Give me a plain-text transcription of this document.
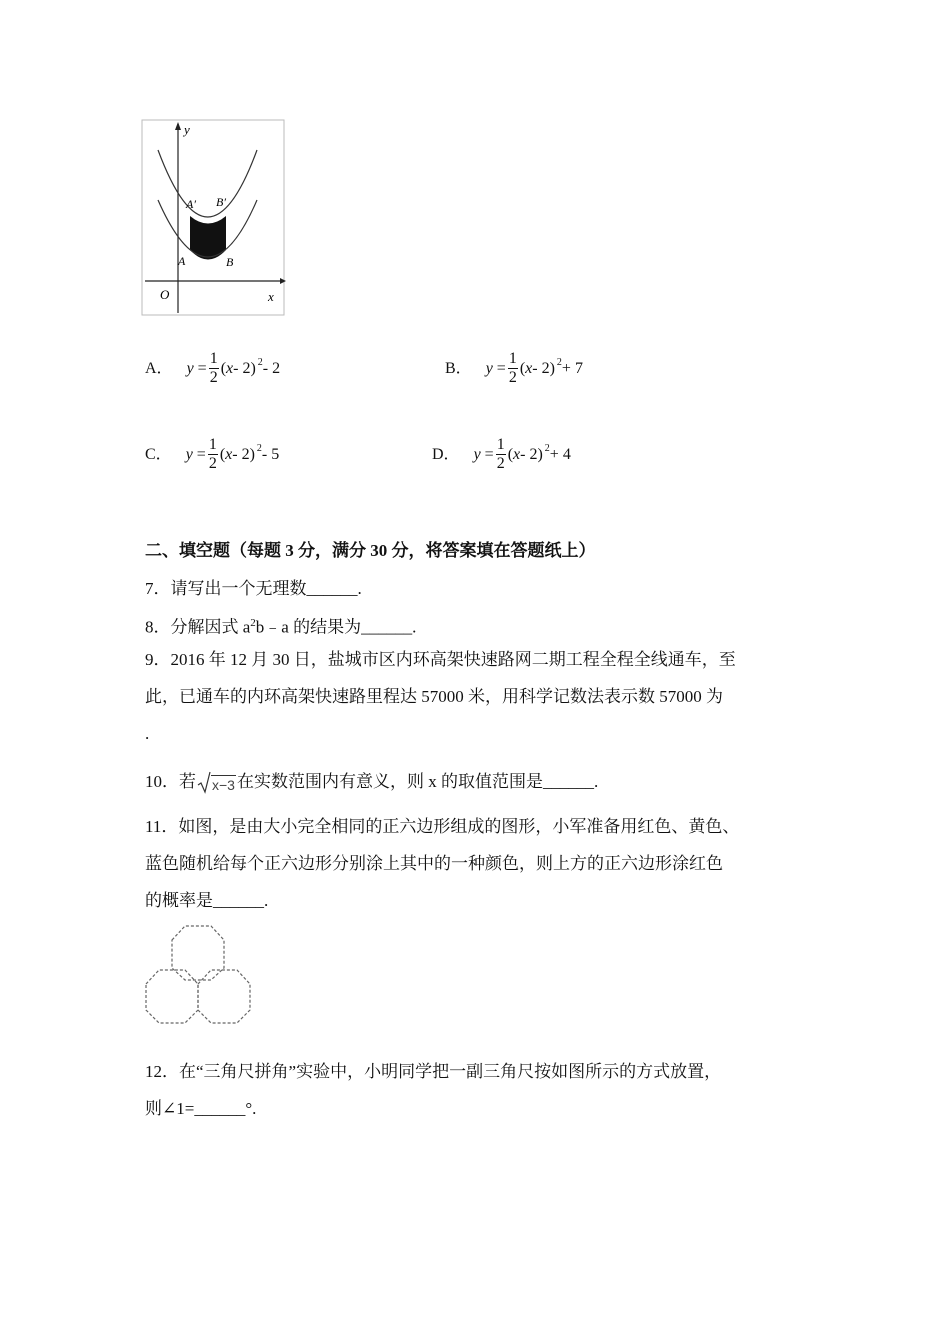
y
x
O
A′ B′
A	B
A． y
= $\frac{1}{2}$ ( x - 2) 2 - 2	B． y
= $\frac{1}{2}$ ( x - 2) 2 + 7
C． y
= $\frac{1}{2}$ ( x - 2) 2 - 5	D． y
= $\frac{1}{2}$ ( x - 2) 2 + 4
二、填空题（每题 3 分，满分 30 分，将答案填在答题纸上）
7．请写出一个无理数______.
8．分解因式 $a^2b﹣a$ 的结果为______.
9．2016 年 12 月 30 日，盐城市区内环高架快速路网二期工程全程全线通车，至
此，已通车的内环高架快速路里程达 57000 米，用科学记数法表示数 57000 为
.
10．若 x−3 在实数范围内有意义，则 x 的取值范围是______.
11．如图，是由大小完全相同的正六边形组成的图形，小军准备用红色、黄色、
蓝色随机给每个正六边形分别涂上其中的一种颜色，则上方的正六边形涂红色
的概率是______.
12．在“三角尺拼角”实验中，小明同学把一副三角尺按如图所示的方式放置，
则∠1=______°.
